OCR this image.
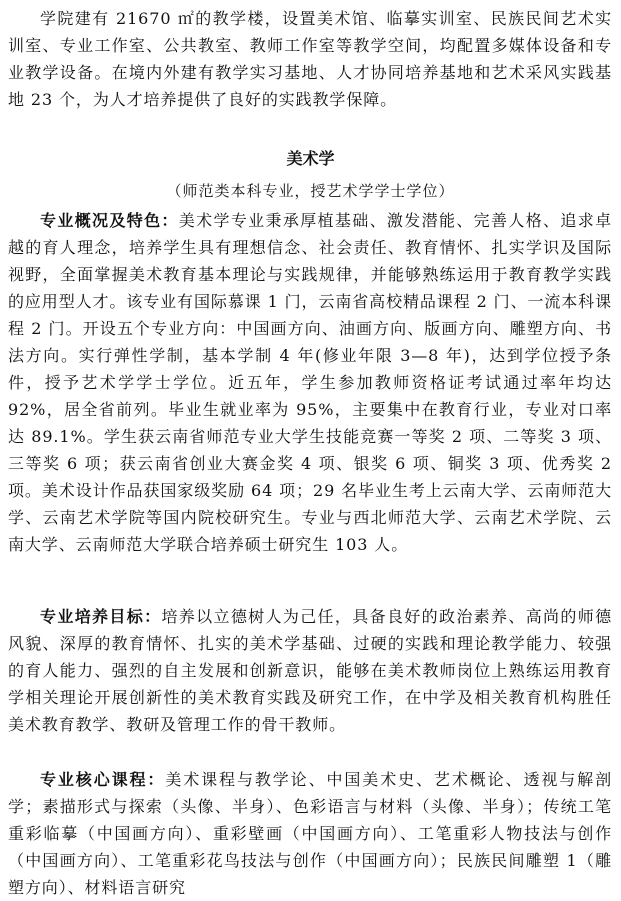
学院建有 21670 ㎡的教学楼，设置美术馆、临摹实训室、民族民间艺术实训室、专业工作室、公共教室、教师工作室等教学空间，均配置多媒体设备和专业教学设备。在境内外建有教学实习基地、人才协同培养基地和艺术采风实践基地 23 个，为人才培养提供了良好的实践教学保障。

美术学

（师范类本科专业，授艺术学学士学位）

专业概况及特色：美术学专业秉承厚植基础、激发潜能、完善人格、追求卓越的育人理念，培养学生具有理想信念、社会责任、教育情怀、扎实学识及国际视野，全面掌握美术教育基本理论与实践规律，并能够熟练运用于教育教学实践的应用型人才。该专业有国际慕课 1 门，云南省高校精品课程 2 门、一流本科课程 2 门。开设五个专业方向：中国画方向、油画方向、版画方向、雕塑方向、书法方向。实行弹性学制，基本学制 4 年(修业年限 3—8 年)，达到学位授予条件，授予艺术学学士学位。近五年，学生参加教师资格证考试通过率年均达 92%，居全省前列。毕业生就业率为 95%，主要集中在教育行业，专业对口率达 89.1%。学生获云南省师范专业大学生技能竞赛一等奖 2 项、二等奖 3 项、三等奖 6 项；获云南省创业大赛金奖 4 项、银奖 6 项、铜奖 3 项、优秀奖 2 项。美术设计作品获国家级奖励 64 项；29 名毕业生考上云南大学、云南师范大学、云南艺术学院等国内院校研究生。专业与西北师范大学、云南艺术学院、云南大学、云南师范大学联合培养硕士研究生 103 人。

专业培养目标：培养以立德树人为己任，具备良好的政治素养、高尚的师德风貌、深厚的教育情怀、扎实的美术学基础、过硬的实践和理论教学能力、较强的育人能力、强烈的自主发展和创新意识，能够在美术教师岗位上熟练运用教育学相关理论开展创新性的美术教育实践及研究工作，在中学及相关教育机构胜任美术教育教学、教研及管理工作的骨干教师。

专业核心课程：美术课程与教学论、中国美术史、艺术概论、透视与解剖学；素描形式与探索（头像、半身）、色彩语言与材料（头像、半身）；传统工笔重彩临摹（中国画方向）、重彩壁画（中国画方向）、工笔重彩人物技法与创作（中国画方向）、工笔重彩花鸟技法与创作（中国画方向）；民族民间雕塑 1（雕塑方向）、材料语言研究
